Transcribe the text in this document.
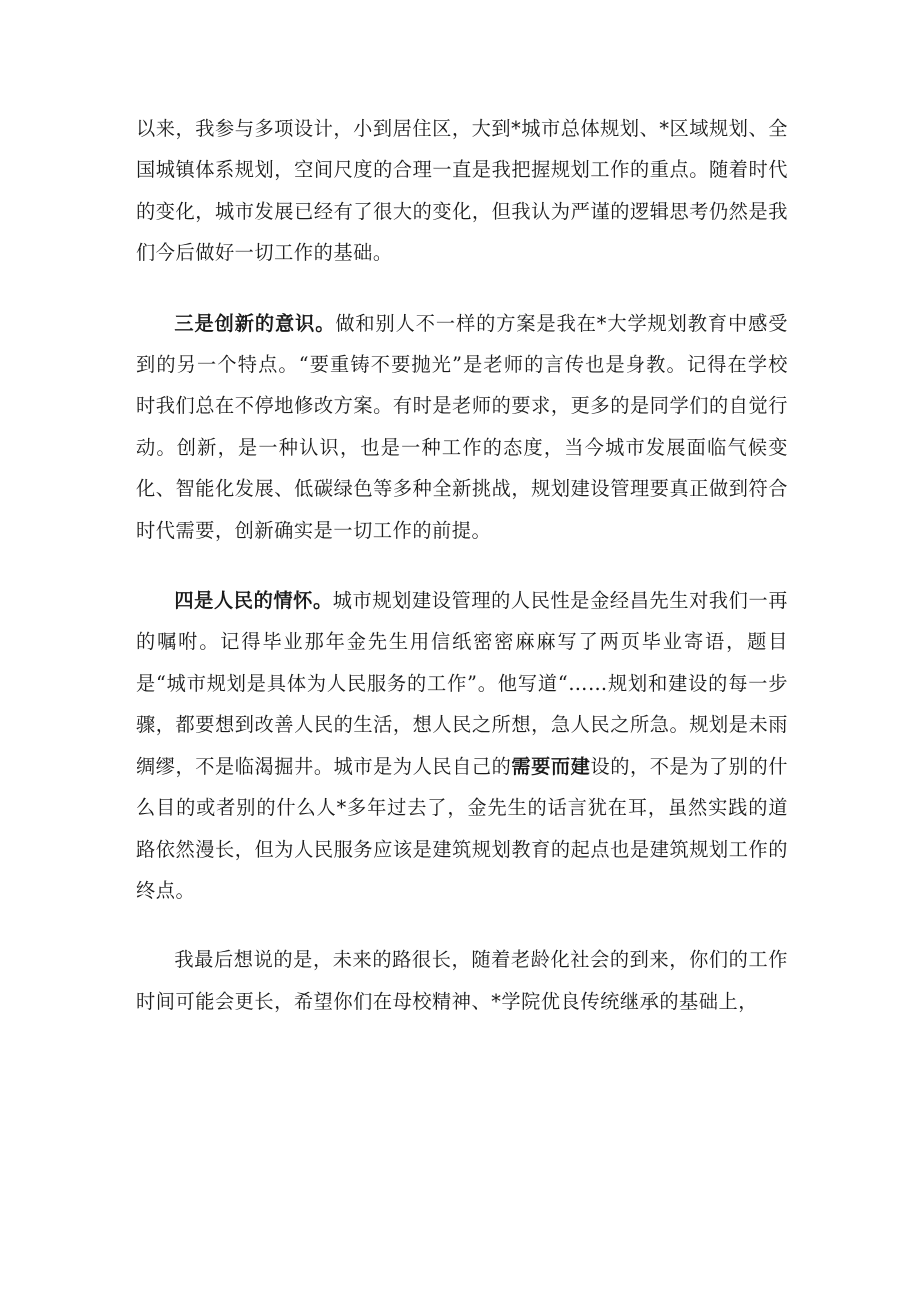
以来，我参与多项设计，小到居住区，大到*城市总体规划、*区域规划、全国城镇体系规划，空间尺度的合理一直是我把握规划工作的重点。随着时代的变化，城市发展已经有了很大的变化，但我认为严谨的逻辑思考仍然是我们今后做好一切工作的基础。

三是创新的意识。做和别人不一样的方案是我在*大学规划教育中感受到的另一个特点。“要重铸不要抛光”是老师的言传也是身教。记得在学校时我们总在不停地修改方案。有时是老师的要求，更多的是同学们的自觉行动。创新，是一种认识，也是一种工作的态度，当今城市发展面临气候变化、智能化发展、低碳绿色等多种全新挑战，规划建设管理要真正做到符合时代需要，创新确实是一切工作的前提。

四是人民的情怀。城市规划建设管理的人民性是金经昌先生对我们一再的嘱咐。记得毕业那年金先生用信纸密密麻麻写了两页毕业寄语，题目是“城市规划是具体为人民服务的工作”。他写道“……规划和建设的每一步骤，都要想到改善人民的生活，想人民之所想，急人民之所急。规划是未雨绸缪，不是临渴掘井。城市是为人民自己的需要而建设的，不是为了别的什么目的或者别的什么人*多年过去了，金先生的话言犹在耳，虽然实践的道路依然漫长，但为人民服务应该是建筑规划教育的起点也是建筑规划工作的终点。

我最后想说的是，未来的路很长，随着老龄化社会的到来，你们的工作时间可能会更长，希望你们在母校精神、*学院优良传统继承的基础上，
